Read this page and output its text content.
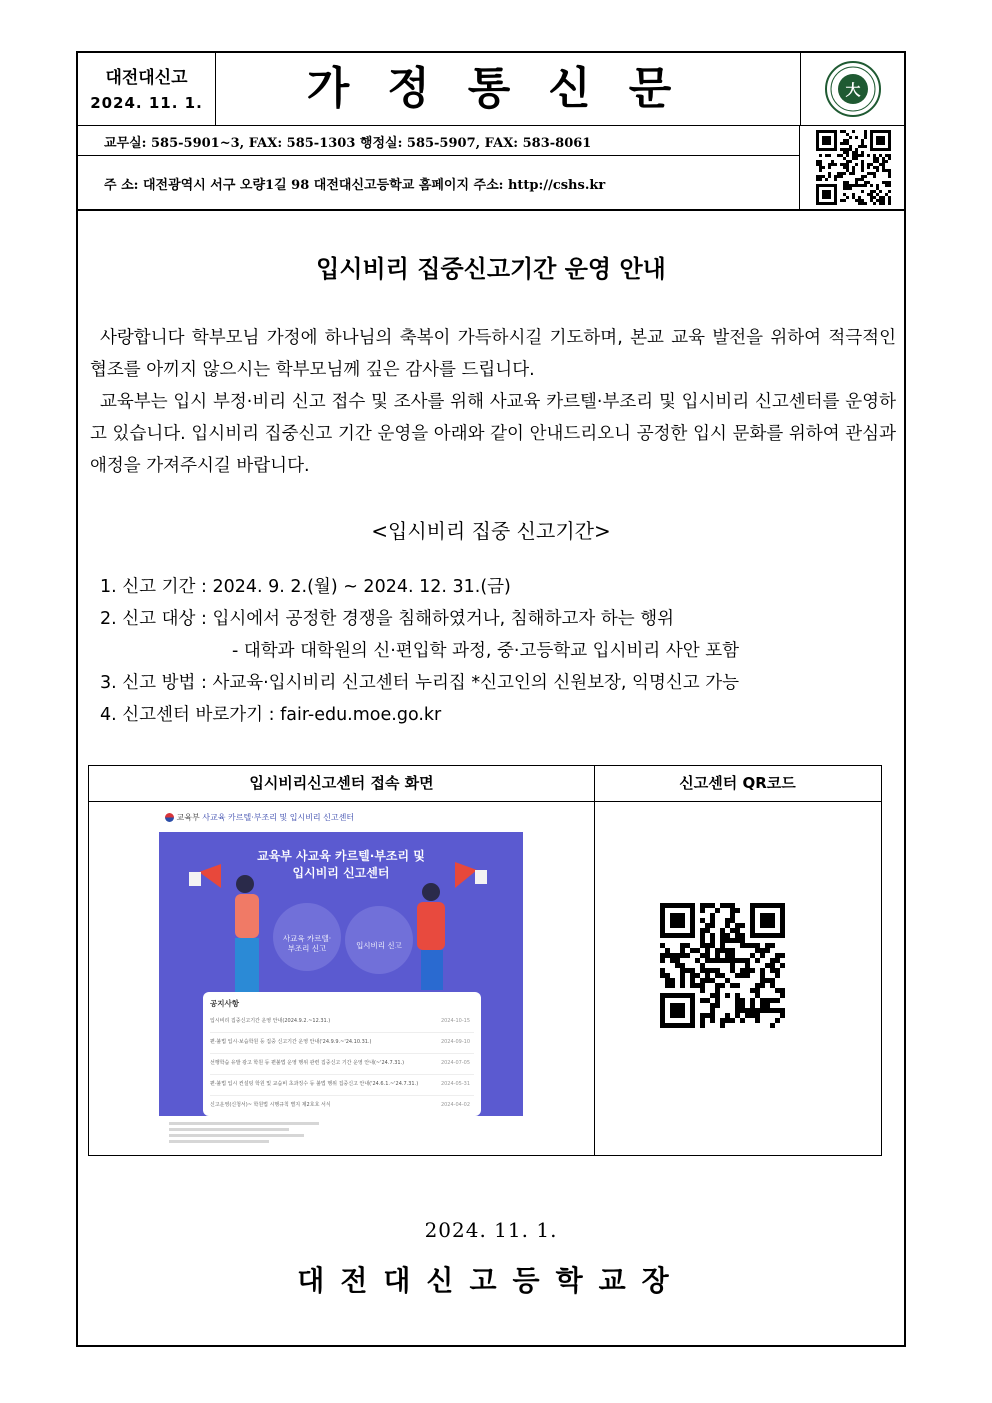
대전대신고
2024. 11. 1.	가정통신문	大
교무실: 585-5901~3, FAX: 585-1303 행정실: 585-5907, FAX: 583-8061
주 소: 대전광역시 서구 오량1길 98 대전대신고등학교 홈페이지 주소: http://cshs.kr
입시비리 집중신고기간 운영 안내
사랑합니다 학부모님 가정에 하나님의 축복이 가득하시길 기도하며, 본교 교육 발전을 위하여 적극적인 협조를 아끼지 않으시는 학부모님께 깊은 감사를 드립니다.
교육부는 입시 부정·비리 신고 접수 및 조사를 위해 사교육 카르텔·부조리 및 입시비리 신고센터를 운영하고 있습니다. 입시비리 집중신고 기간 운영을 아래와 같이 안내드리오니 공정한 입시 문화를 위하여 관심과 애정을 가져주시길 바랍니다.
<입시비리 집중 신고기간>
1. 신고 기간 : 2024. 9. 2.(월) ~ 2024. 12. 31.(금)
2. 신고 대상 : 입시에서 공정한 경쟁을 침해하였거나, 침해하고자 하는 행위
- 대학과 대학원의 신·편입학 과정, 중·고등학교 입시비리 사안 포함
3. 신고 방법 : 사교육·입시비리 신고센터 누리집 *신고인의 신원보장, 익명신고 가능
4. 신고센터 바로가기 : fair-edu.moe.go.kr
입시비리신고센터 접속 화면	신고센터 QR코드
교육부 사교육 카르텔·부조리 및 입시비리 신고센터
교육부 사교육 카르텔·부조리 및
입시비리 신고센터
사교육 카르텔·
부조리 신고	입시비리 신고
공지사항
입시비리 집중신고기간 운영 안내(2024.9.2.~12.31.)	2024-10-15
편·불법 입시·보습학원 등 집중 신고기간 운영 안내('24.9.9.~'24.10.31.)	2024-09-10
선행학습 유발 광고 학원 등 편불법 운영 행위 관련 집중신고 기간 운영 안내(~'24.7.31.)	2024-07-05
편·불법 입시 컨설팅 학원 및 교습비 초과징수 등 불법 행위 집중신고 안내('24.6.1.~'24.7.31.)	2024-05-31
신고운영(신청서)~ 학원법 시행규칙 별지 제2호호 서식	2024-04-02
2024. 11. 1.
대전대신고등학교장
